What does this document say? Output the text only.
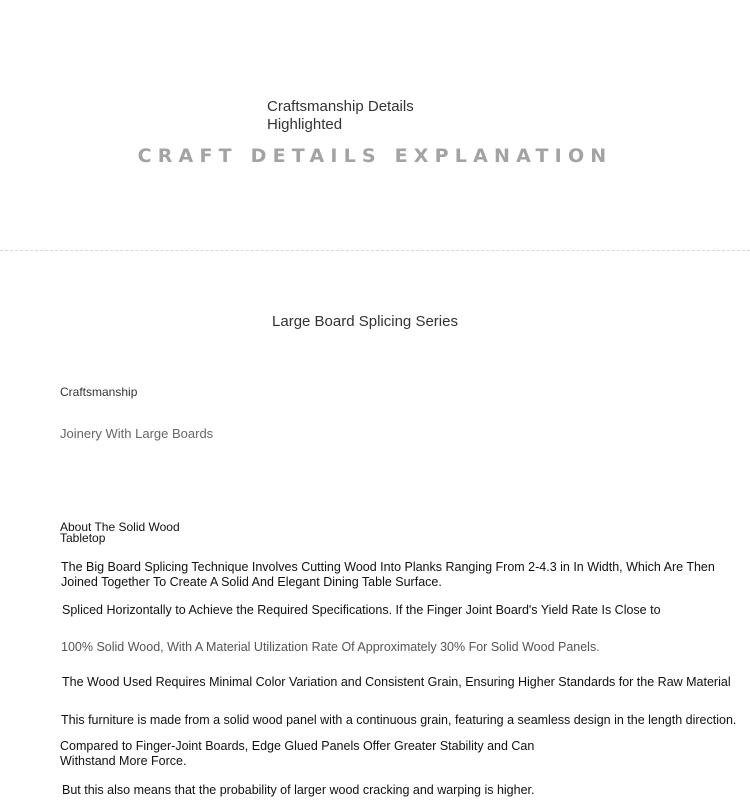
Craftsmanship Details Highlighted
CRAFT DETAILS EXPLANATION
Large Board Splicing Series
Craftsmanship
Joinery With Large Boards
About The Solid Wood
Tabletop
The Big Board Splicing Technique Involves Cutting Wood Into Planks Ranging From 2-4.3 in In Width, Which Are Then
Joined Together To Create A Solid And Elegant Dining Table Surface.
Spliced Horizontally to Achieve the Required Specifications. If the Finger Joint Board's Yield Rate Is Close to
100% Solid Wood, With A Material Utilization Rate Of Approximately 30% For Solid Wood Panels.
The Wood Used Requires Minimal Color Variation and Consistent Grain, Ensuring Higher Standards for the Raw Material
This furniture is made from a solid wood panel with a continuous grain, featuring a seamless design in the length direction.
Compared to Finger-Joint Boards, Edge Glued Panels Offer Greater Stability and Can
Withstand More Force.
But this also means that the probability of larger wood cracking and warping is higher.
